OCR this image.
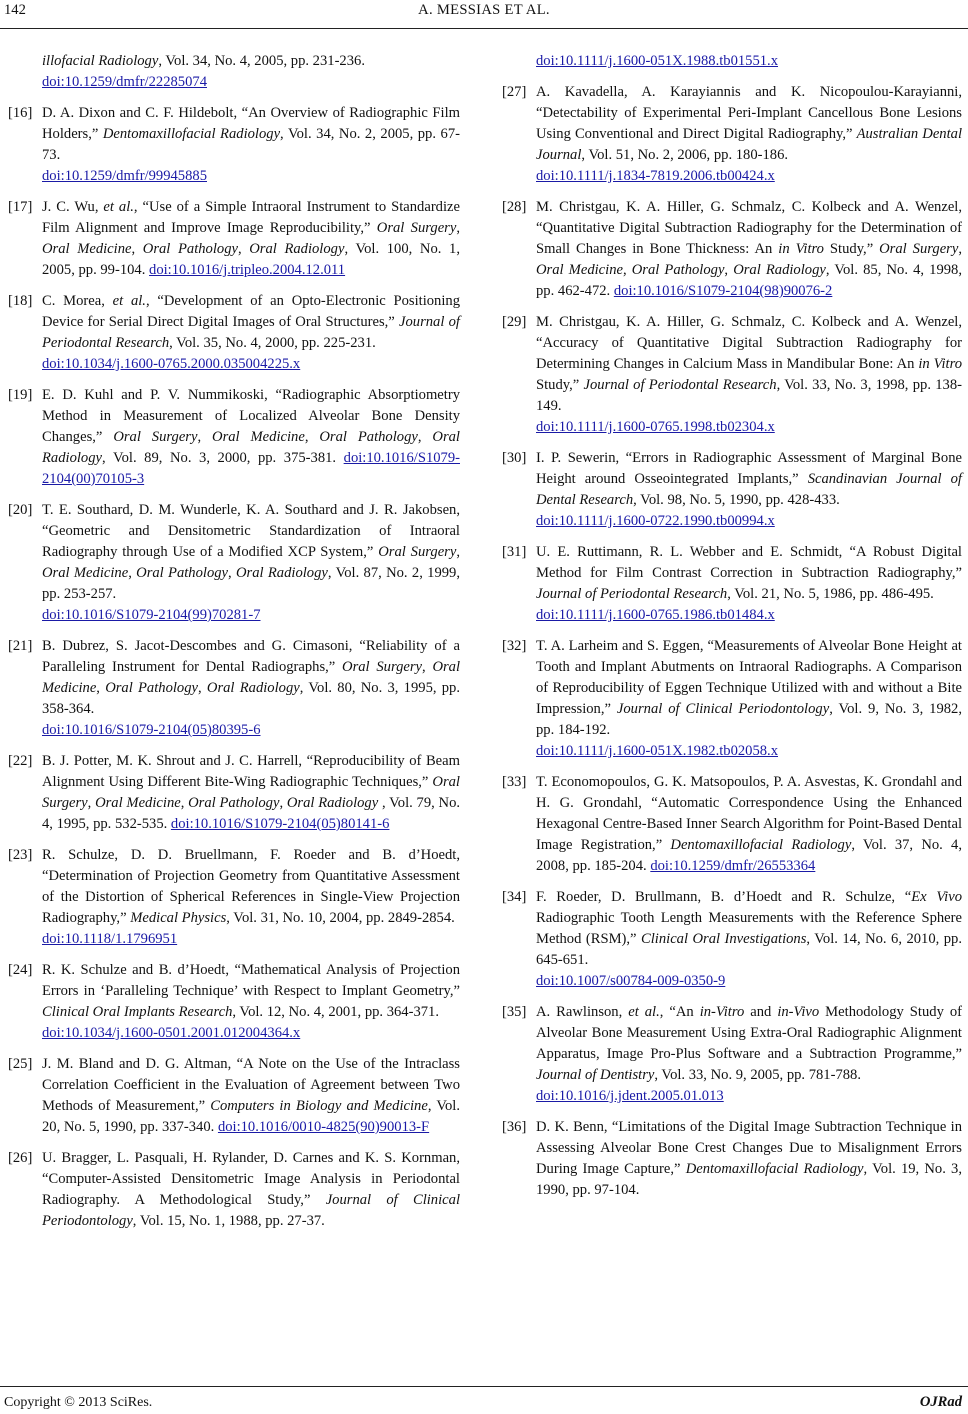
142	A. MESSIAS ET AL.
illofacial Radiology, Vol. 34, No. 4, 2005, pp. 231-236.
doi:10.1259/dmfr/22285074
[16] D. A. Dixon and C. F. Hildebolt, “An Overview of Radiographic Film Holders,” Dentomaxillofacial Radiology, Vol. 34, No. 2, 2005, pp. 67-73.
doi:10.1259/dmfr/99945885
[17] J. C. Wu, et al., “Use of a Simple Intraoral Instrument to Standardize Film Alignment and Improve Image Reproducibility,” Oral Surgery, Oral Medicine, Oral Pathology, Oral Radiology, Vol. 100, No. 1, 2005, pp. 99-104. doi:10.1016/j.tripleo.2004.12.011
[18] C. Morea, et al., “Development of an Opto-Electronic Positioning Device for Serial Direct Digital Images of Oral Structures,” Journal of Periodontal Research, Vol. 35, No. 4, 2000, pp. 225-231.
doi:10.1034/j.1600-0765.2000.035004225.x
[19] E. D. Kuhl and P. V. Nummikoski, “Radiographic Absorptiometry Method in Measurement of Localized Alveolar Bone Density Changes,” Oral Surgery, Oral Medicine, Oral Pathology, Oral Radiology, Vol. 89, No. 3, 2000, pp. 375-381. doi:10.1016/S1079-2104(00)70105-3
[20] T. E. Southard, D. M. Wunderle, K. A. Southard and J. R. Jakobsen, “Geometric and Densitometric Standardization of Intraoral Radiography through Use of a Modified XCP System,” Oral Surgery, Oral Medicine, Oral Pathology, Oral Radiology, Vol. 87, No. 2, 1999, pp. 253-257.
doi:10.1016/S1079-2104(99)70281-7
[21] B. Dubrez, S. Jacot-Descombes and G. Cimasoni, “Reliability of a Paralleling Instrument for Dental Radiographs,” Oral Surgery, Oral Medicine, Oral Pathology, Oral Radiology, Vol. 80, No. 3, 1995, pp. 358-364.
doi:10.1016/S1079-2104(05)80395-6
[22] B. J. Potter, M. K. Shrout and J. C. Harrell, “Reproducibility of Beam Alignment Using Different Bite-Wing Radiographic Techniques,” Oral Surgery, Oral Medicine, Oral Pathology, Oral Radiology , Vol. 79, No. 4, 1995, pp. 532-535. doi:10.1016/S1079-2104(05)80141-6
[23] R. Schulze, D. D. Bruellmann, F. Roeder and B. d’Hoedt, “Determination of Projection Geometry from Quantitative Assessment of the Distortion of Spherical References in Single-View Projection Radiography,” Medical Physics, Vol. 31, No. 10, 2004, pp. 2849-2854.
doi:10.1118/1.1796951
[24] R. K. Schulze and B. d’Hoedt, “Mathematical Analysis of Projection Errors in ‘Paralleling Technique’ with Respect to Implant Geometry,” Clinical Oral Implants Research, Vol. 12, No. 4, 2001, pp. 364-371.
doi:10.1034/j.1600-0501.2001.012004364.x
[25] J. M. Bland and D. G. Altman, “A Note on the Use of the Intraclass Correlation Coefficient in the Evaluation of Agreement between Two Methods of Measurement,” Computers in Biology and Medicine, Vol. 20, No. 5, 1990, pp. 337-340. doi:10.1016/0010-4825(90)90013-F
[26] U. Bragger, L. Pasquali, H. Rylander, D. Carnes and K. S. Kornman, “Computer-Assisted Densitometric Image Analysis in Periodontal Radiography. A Methodological Study,” Journal of Clinical Periodontology, Vol. 15, No. 1, 1988, pp. 27-37.
doi:10.1111/j.1600-051X.1988.tb01551.x
[27] A. Kavadella, A. Karayiannis and K. Nicopoulou-Karayianni, “Detectability of Experimental Peri-Implant Cancellous Bone Lesions Using Conventional and Direct Digital Radiography,” Australian Dental Journal, Vol. 51, No. 2, 2006, pp. 180-186.
doi:10.1111/j.1834-7819.2006.tb00424.x
[28] M. Christgau, K. A. Hiller, G. Schmalz, C. Kolbeck and A. Wenzel, “Quantitative Digital Subtraction Radiography for the Determination of Small Changes in Bone Thickness: An in Vitro Study,” Oral Surgery, Oral Medicine, Oral Pathology, Oral Radiology, Vol. 85, No. 4, 1998, pp. 462-472. doi:10.1016/S1079-2104(98)90076-2
[29] M. Christgau, K. A. Hiller, G. Schmalz, C. Kolbeck and A. Wenzel, “Accuracy of Quantitative Digital Subtraction Radiography for Determining Changes in Calcium Mass in Mandibular Bone: An in Vitro Study,” Journal of Periodontal Research, Vol. 33, No. 3, 1998, pp. 138-149.
doi:10.1111/j.1600-0765.1998.tb02304.x
[30] I. P. Sewerin, “Errors in Radiographic Assessment of Marginal Bone Height around Osseointegrated Implants,” Scandinavian Journal of Dental Research, Vol. 98, No. 5, 1990, pp. 428-433.
doi:10.1111/j.1600-0722.1990.tb00994.x
[31] U. E. Ruttimann, R. L. Webber and E. Schmidt, “A Robust Digital Method for Film Contrast Correction in Subtraction Radiography,” Journal of Periodontal Research, Vol. 21, No. 5, 1986, pp. 486-495.
doi:10.1111/j.1600-0765.1986.tb01484.x
[32] T. A. Larheim and S. Eggen, “Measurements of Alveolar Bone Height at Tooth and Implant Abutments on Intraoral Radiographs. A Comparison of Reproducibility of Eggen Technique Utilized with and without a Bite Impression,” Journal of Clinical Periodontology, Vol. 9, No. 3, 1982, pp. 184-192.
doi:10.1111/j.1600-051X.1982.tb02058.x
[33] T. Economopoulos, G. K. Matsopoulos, P. A. Asvestas, K. Grondahl and H. G. Grondahl, “Automatic Correspondence Using the Enhanced Hexagonal Centre-Based Inner Search Algorithm for Point-Based Dental Image Registration,” Dentomaxillofacial Radiology, Vol. 37, No. 4, 2008, pp. 185-204. doi:10.1259/dmfr/26553364
[34] F. Roeder, D. Brullmann, B. d’Hoedt and R. Schulze, “Ex Vivo Radiographic Tooth Length Measurements with the Reference Sphere Method (RSM),” Clinical Oral Investigations, Vol. 14, No. 6, 2010, pp. 645-651.
doi:10.1007/s00784-009-0350-9
[35] A. Rawlinson, et al., “An in-Vitro and in-Vivo Methodology Study of Alveolar Bone Measurement Using Extra-Oral Radiographic Alignment Apparatus, Image Pro-Plus Software and a Subtraction Programme,” Journal of Dentistry, Vol. 33, No. 9, 2005, pp. 781-788.
doi:10.1016/j.jdent.2005.01.013
[36] D. K. Benn, “Limitations of the Digital Image Subtraction Technique in Assessing Alveolar Bone Crest Changes Due to Misalignment Errors During Image Capture,” Dentomaxillofacial Radiology, Vol. 19, No. 3, 1990, pp. 97-104.
Copyright © 2013 SciRes.	OJRad
